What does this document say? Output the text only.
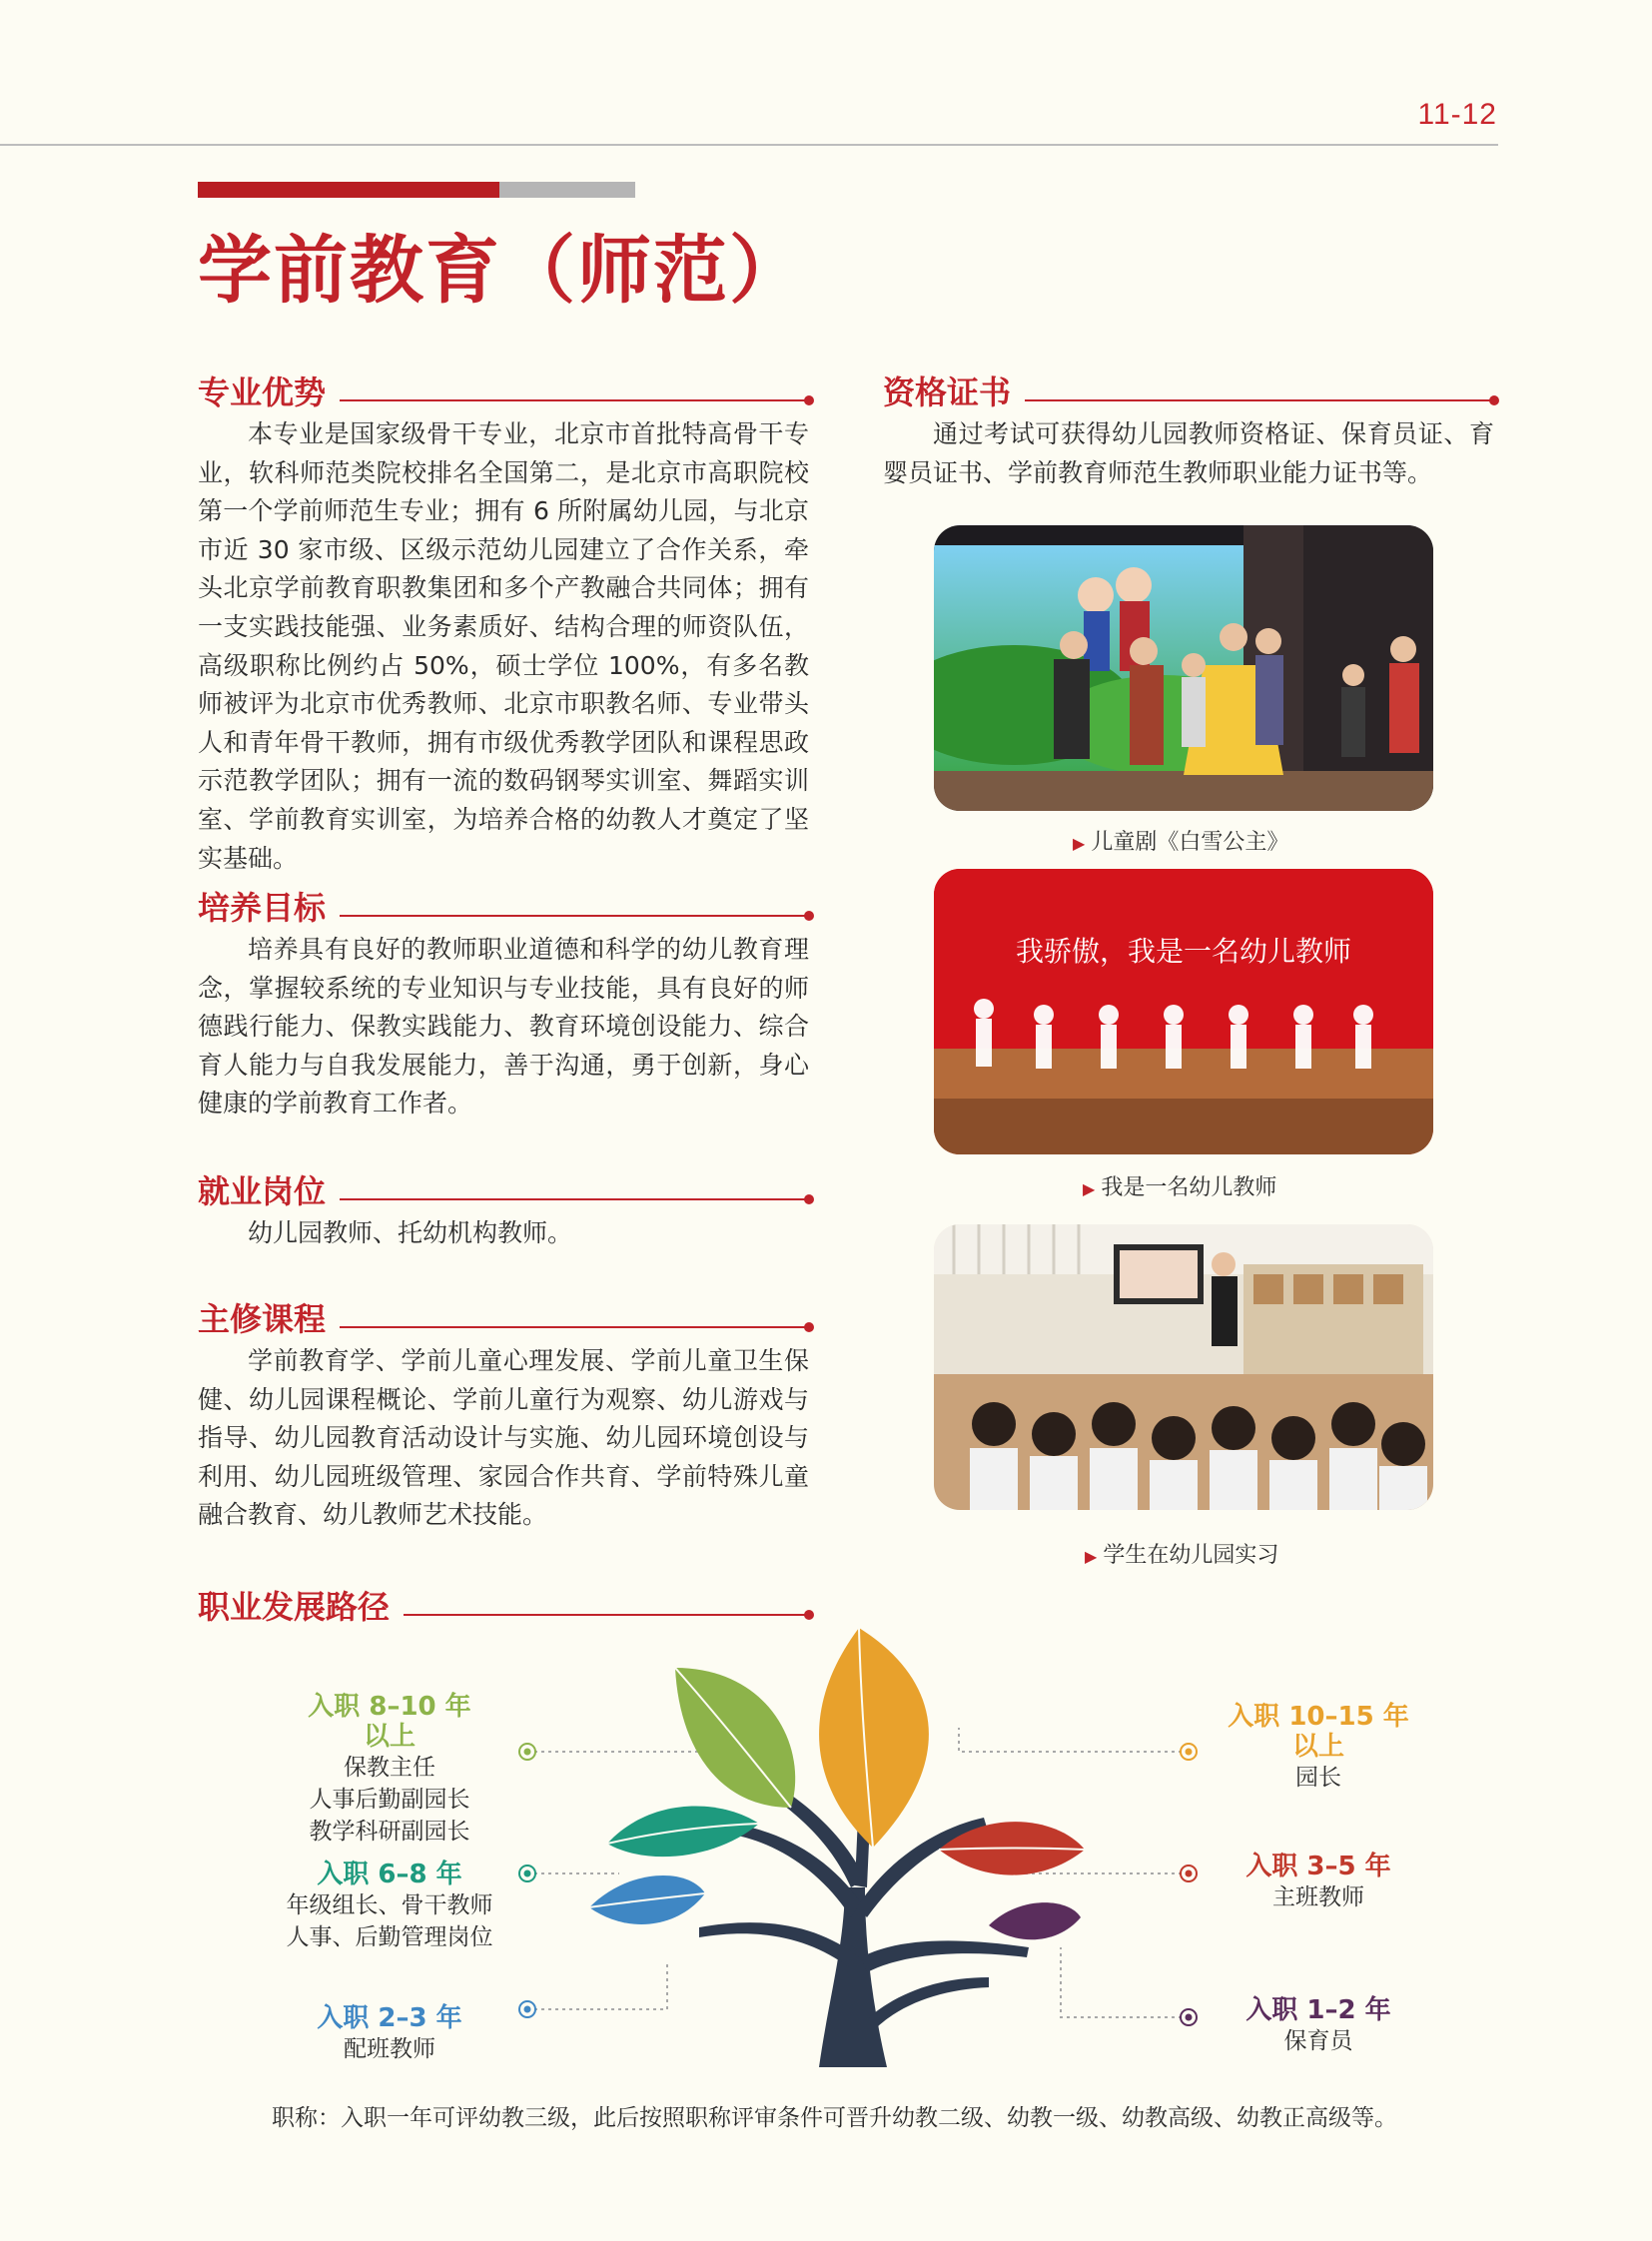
11-12
学前教育（师范）
专业优势
本专业是国家级骨干专业，北京市首批特高骨干专业，软科师范类院校排名全国第二，是北京市高职院校第一个学前师范生专业；拥有 6 所附属幼儿园，与北京市近 30 家市级、区级示范幼儿园建立了合作关系，牵头北京学前教育职教集团和多个产教融合共同体；拥有一支实践技能强、业务素质好、结构合理的师资队伍，高级职称比例约占 50%，硕士学位 100%，有多名教师被评为北京市优秀教师、北京市职教名师、专业带头人和青年骨干教师，拥有市级优秀教学团队和课程思政示范教学团队；拥有一流的数码钢琴实训室、舞蹈实训室、学前教育实训室，为培养合格的幼教人才奠定了坚实基础。
培养目标
培养具有良好的教师职业道德和科学的幼儿教育理念，掌握较系统的专业知识与专业技能，具有良好的师德践行能力、保教实践能力、教育环境创设能力、综合育人能力与自我发展能力，善于沟通，勇于创新，身心健康的学前教育工作者。
就业岗位
幼儿园教师、托幼机构教师。
主修课程
学前教育学、学前儿童心理发展、学前儿童卫生保健、幼儿园课程概论、学前儿童行为观察、幼儿游戏与指导、幼儿园教育活动设计与实施、幼儿园环境创设与利用、幼儿园班级管理、家园合作共育、学前特殊儿童融合教育、幼儿教师艺术技能。
资格证书
通过考试可获得幼儿园教师资格证、保育员证、育婴员证书、学前教育师范生教师职业能力证书等。
▶ 儿童剧《白雪公主》
我骄傲，我是一名幼儿教师
▶ 我是一名幼儿教师
▶ 学生在幼儿园实习
职业发展路径
入职 8–10 年
以上
保教主任
人事后勤副园长
教学科研副园长
入职 6–8 年
年级组长、骨干教师
人事、后勤管理岗位
入职 2–3 年
配班教师
入职 10–15 年
以上
园长
入职 3–5 年
主班教师
入职 1–2 年
保育员
职称：入职一年可评幼教三级，此后按照职称评审条件可晋升幼教二级、幼教一级、幼教高级、幼教正高级等。
